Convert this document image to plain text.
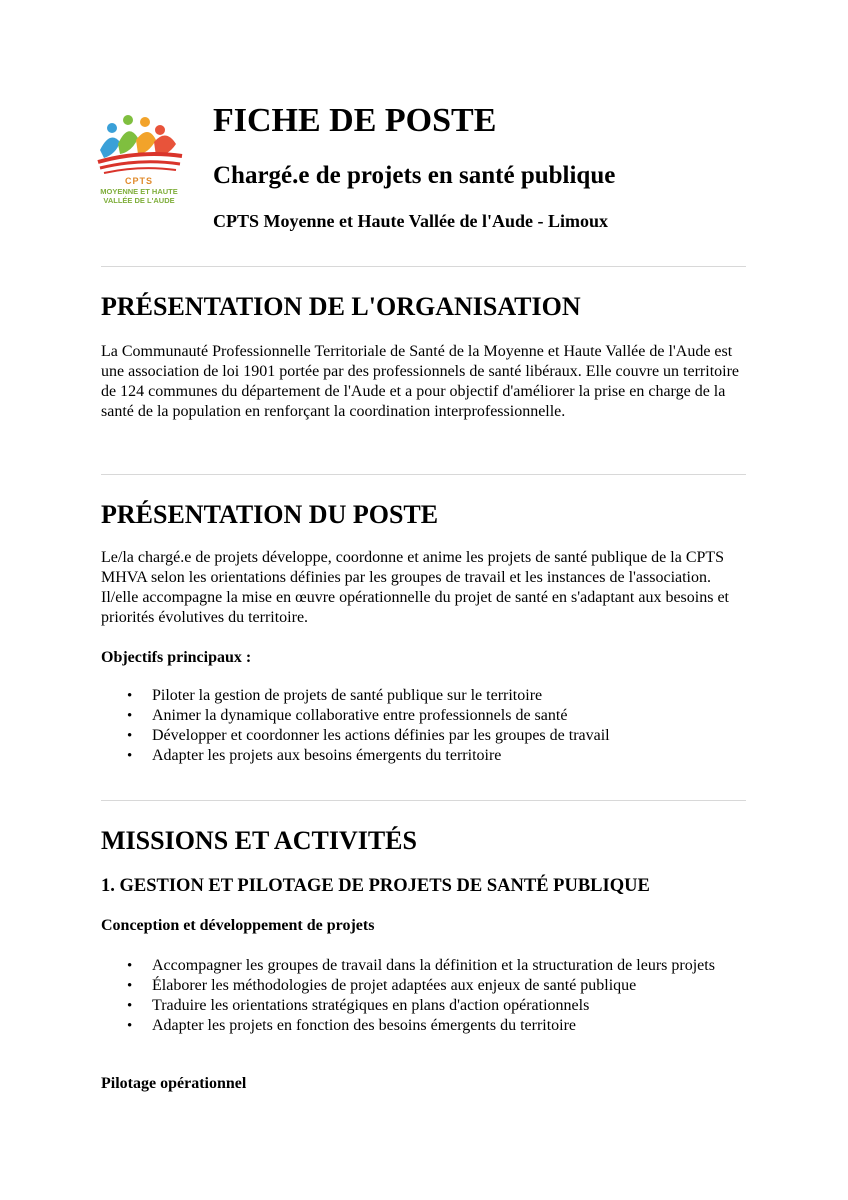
CPTS
MOYENNE ET HAUTE
VALLÉE DE L'AUDE
FICHE DE POSTE
Chargé.e de projets en santé publique

CPTS Moyenne et Haute Vallée de l'Aude - Limoux

PRÉSENTATION DE L'ORGANISATION

La Communauté Professionnelle Territoriale de Santé de la Moyenne et Haute Vallée de l'Aude est une association de loi 1901 portée par des professionnels de santé libéraux. Elle couvre un territoire de 124 communes du département de l'Aude et a pour objectif d'améliorer la prise en charge de la santé de la population en renforçant la coordination interprofessionnelle.

PRÉSENTATION DU POSTE

Le/la chargé.e de projets développe, coordonne et anime les projets de santé publique de la CPTS MHVA selon les orientations définies par les groupes de travail et les instances de l'association. Il/elle accompagne la mise en œuvre opérationnelle du projet de santé en s'adaptant aux besoins et priorités évolutives du territoire.

Objectifs principaux :

• Piloter la gestion de projets de santé publique sur le territoire
• Animer la dynamique collaborative entre professionnels de santé
• Développer et coordonner les actions définies par les groupes de travail
• Adapter les projets aux besoins émergents du territoire
MISSIONS ET ACTIVITÉS
1. GESTION ET PILOTAGE DE PROJETS DE SANTÉ PUBLIQUE

Conception et développement de projets

• Accompagner les groupes de travail dans la définition et la structuration de leurs projets
• Élaborer les méthodologies de projet adaptées aux enjeux de santé publique
• Traduire les orientations stratégiques en plans d'action opérationnels
• Adapter les projets en fonction des besoins émergents du territoire

Pilotage opérationnel
